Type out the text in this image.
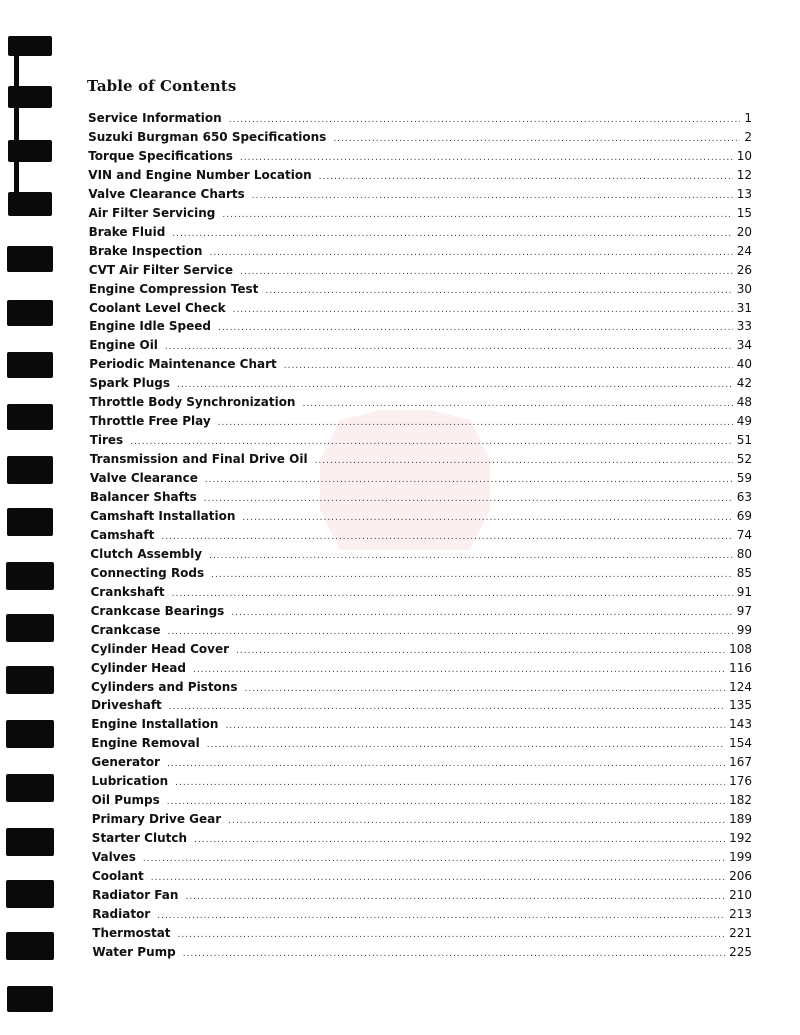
Table of Contents
Service Information .....	1
Suzuki Burgman 650 Specifications .....	2
Torque Specifications .....	10
VIN and Engine Number Location .....	12
Valve Clearance Charts .....	13
Air Filter Servicing .....	15
Brake Fluid .....	20
Brake Inspection .....	24
CVT Air Filter Service .....	26
Engine Compression Test .....	30
Coolant Level Check .....	31
Engine Idle Speed .....	33
Engine Oil .....	34
Periodic Maintenance Chart .....	40
Spark Plugs .....	42
Throttle Body Synchronization .....	48
Throttle Free Play .....	49
Tires .....	51
Transmission and Final Drive Oil .....	52
Valve Clearance .....	59
Balancer Shafts .....	63
Camshaft Installation .....	69
Camshaft .....	74
Clutch Assembly .....	80
Connecting Rods .....	85
Crankshaft .....	91
Crankcase Bearings .....	97
Crankcase .....	99
Cylinder Head Cover .....	108
Cylinder Head .....	116
Cylinders and Pistons .....	124
Driveshaft .....	135
Engine Installation .....	143
Engine Removal .....	154
Generator .....	167
Lubrication .....	176
Oil Pumps .....	182
Primary Drive Gear .....	189
Starter Clutch .....	192
Valves .....	199
Coolant .....	206
Radiator Fan .....	210
Radiator .....	213
Thermostat .....	221
Water Pump .....	225
